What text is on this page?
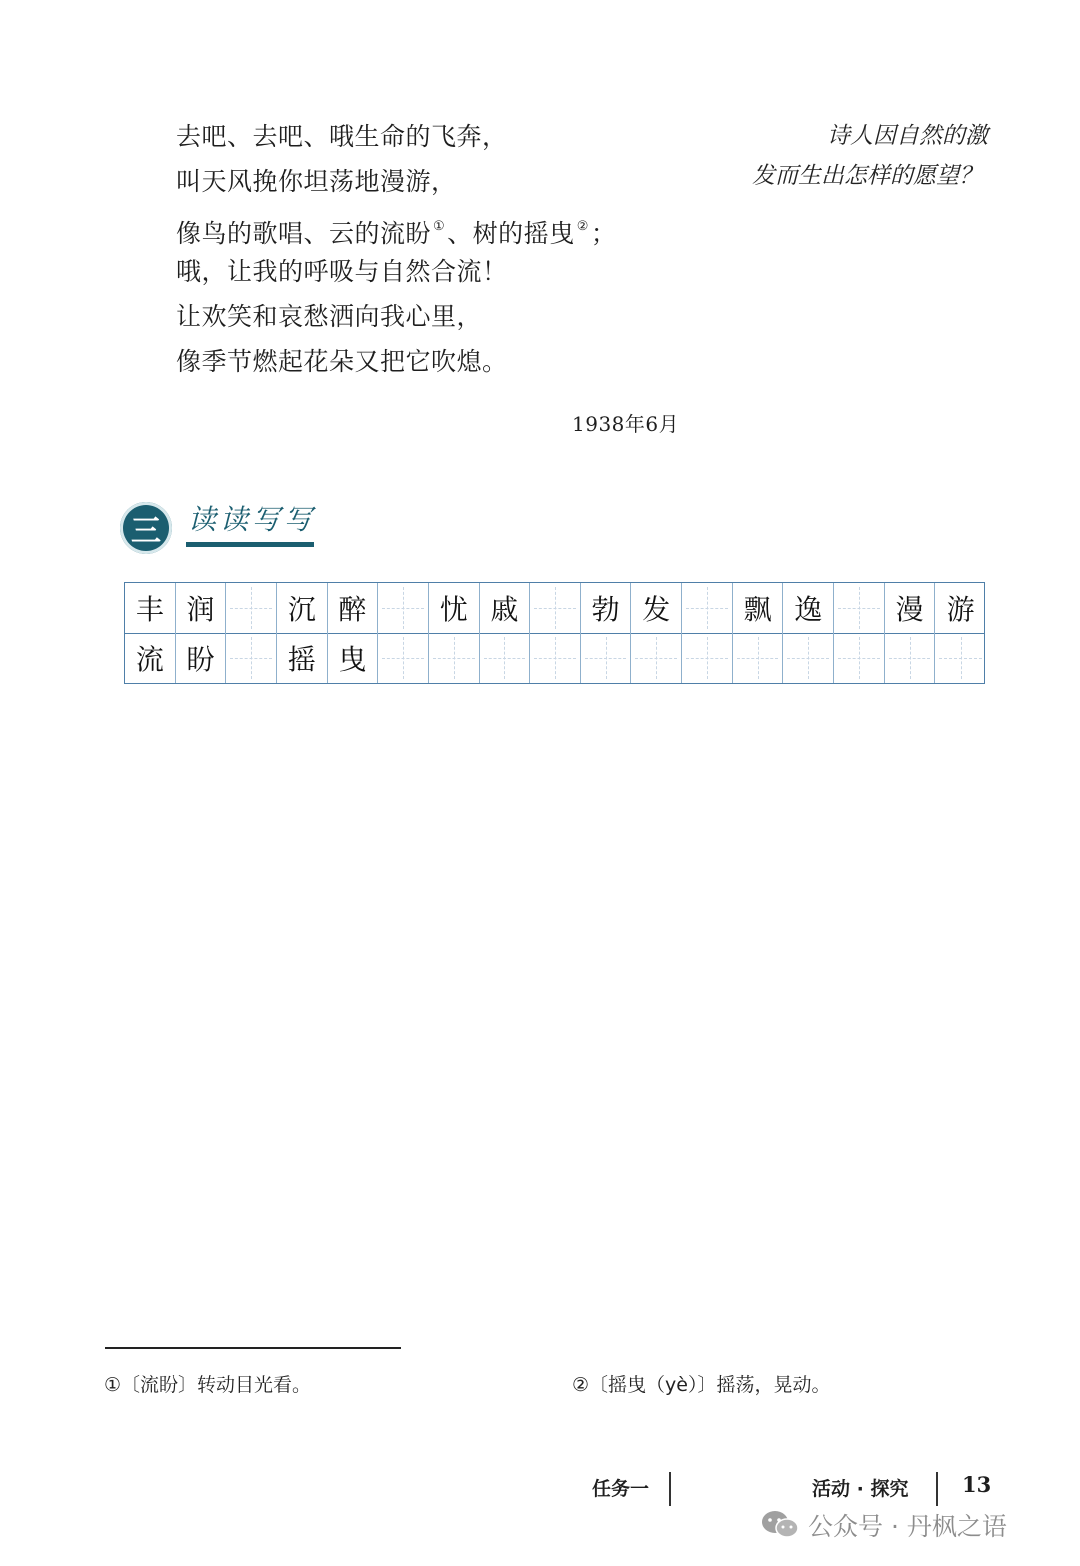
去吧、去吧、哦生命的飞奔，
叫天风挽你坦荡地漫游，
像鸟的歌唱、云的流盼 ①、树的摇曳 ②；
哦，让我的呼吸与自然合流！
让欢笑和哀愁洒向我心里，
像季节燃起花朵又把它吹熄。
诗人因自然的激
发而生出怎样的愿望？
1938年6月
三 读读写写
丰 润	沉 醉	忧 戚	勃 发	飘 逸	漫 游
流 盼	摇 曳
①〔流盼〕转动目光看。	②〔摇曳（yè）〕摇荡，晃动。
任务一	活动 · 探究	13
公众号 · 丹枫之语
